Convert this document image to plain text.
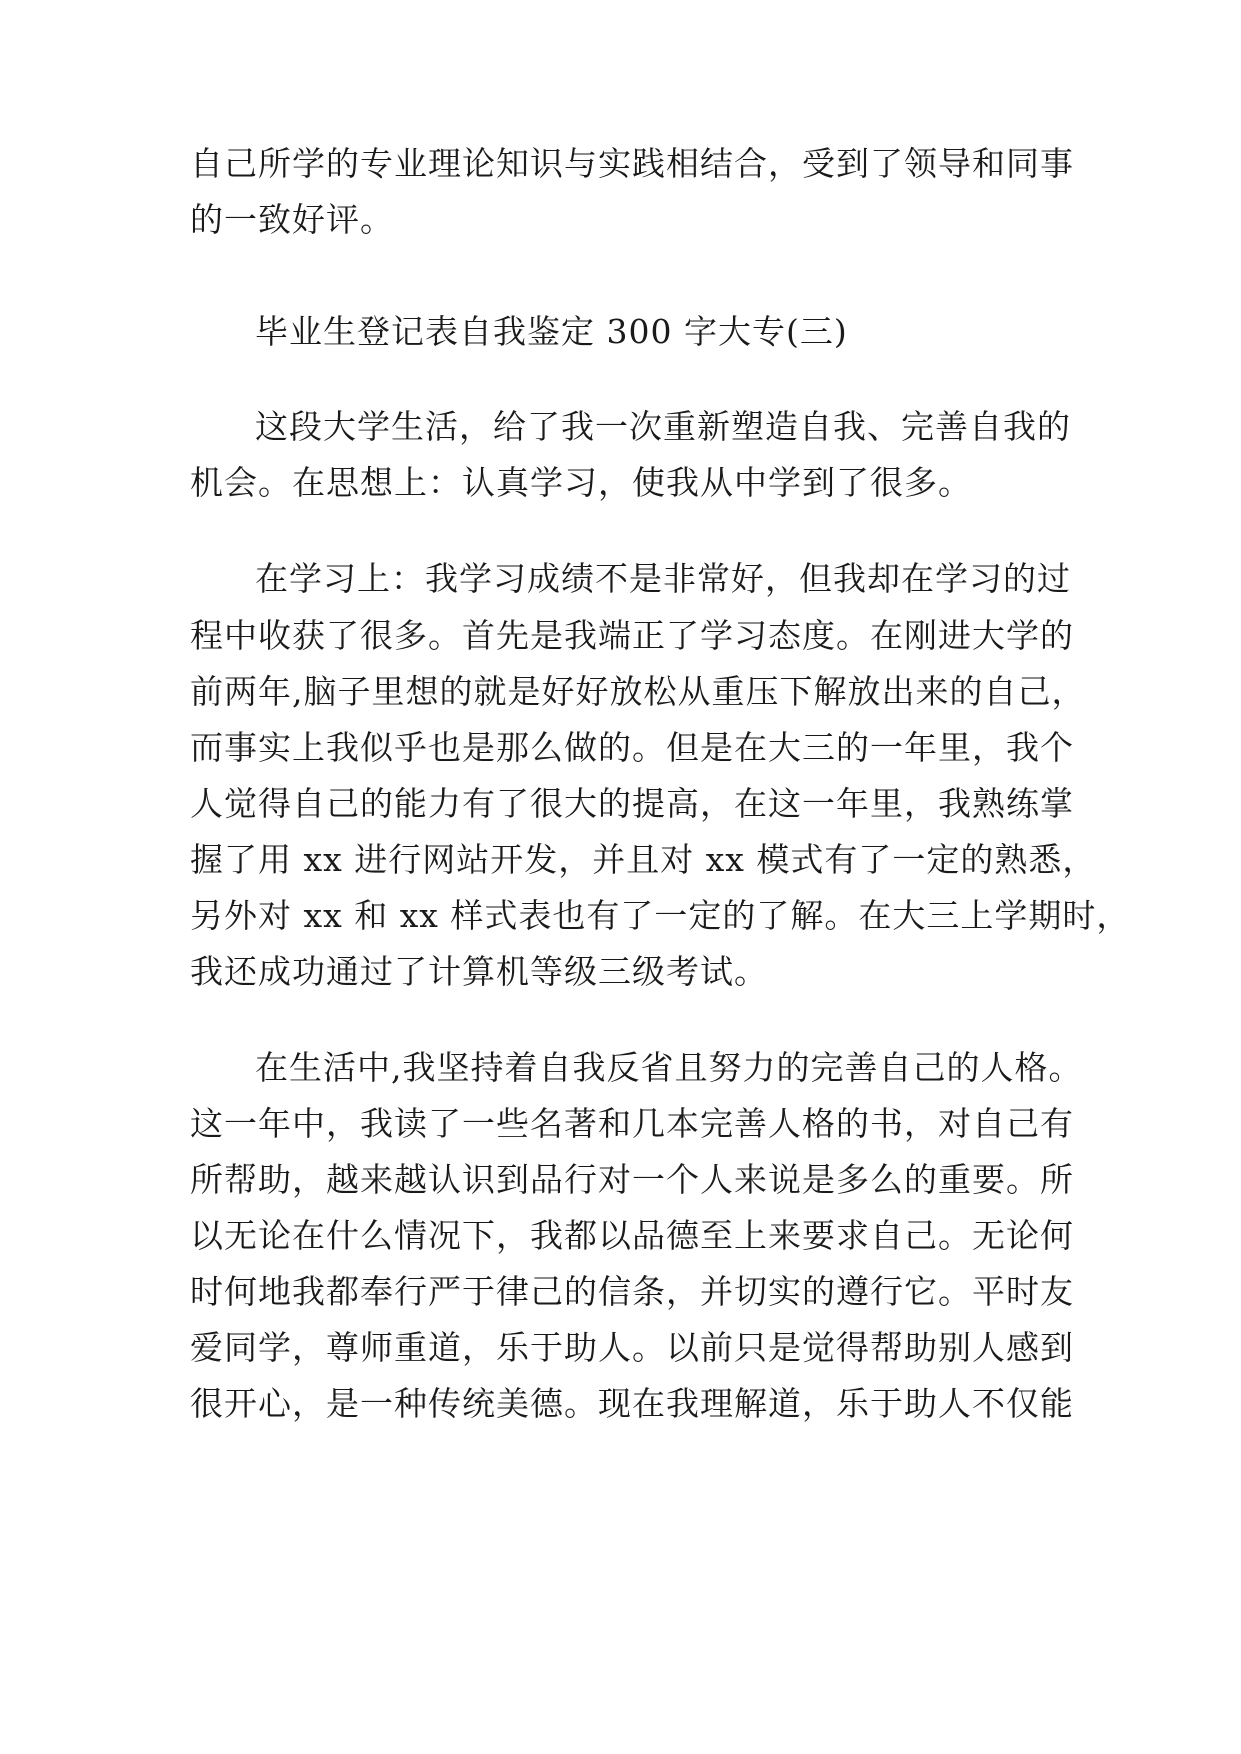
自己所学的专业理论知识与实践相结合，受到了领导和同事
的一致好评。
毕业生登记表自我鉴定 300 字大专(三)
这段大学生活，给了我一次重新塑造自我、完善自我的
机会。在思想上：认真学习，使我从中学到了很多。
在学习上：我学习成绩不是非常好，但我却在学习的过
程中收获了很多。首先是我端正了学习态度。在刚进大学的
前两年,脑子里想的就是好好放松从重压下解放出来的自己，
而事实上我似乎也是那么做的。但是在大三的一年里，我个
人觉得自己的能力有了很大的提高，在这一年里，我熟练掌
握了用 xx 进行网站开发，并且对 xx 模式有了一定的熟悉，
另外对 xx 和 xx 样式表也有了一定的了解。在大三上学期时，
我还成功通过了计算机等级三级考试。
在生活中,我坚持着自我反省且努力的完善自己的人格。
这一年中，我读了一些名著和几本完善人格的书，对自己有
所帮助，越来越认识到品行对一个人来说是多么的重要。所
以无论在什么情况下，我都以品德至上来要求自己。无论何
时何地我都奉行严于律己的信条，并切实的遵行它。平时友
爱同学，尊师重道，乐于助人。以前只是觉得帮助别人感到
很开心，是一种传统美德。现在我理解道，乐于助人不仅能
